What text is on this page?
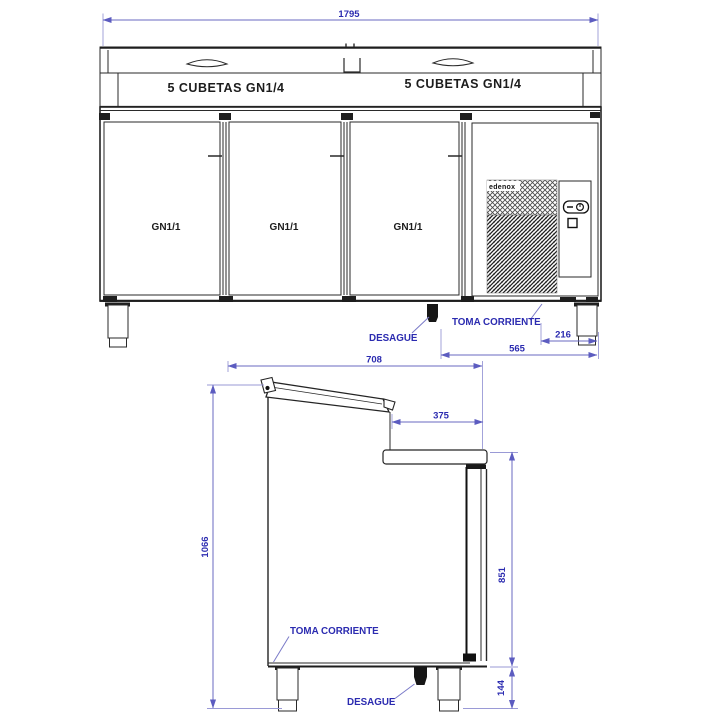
1795
5 CUBETAS GN1/4	5 CUBETAS GN1/4
GN1/1	GN1/1	GN1/1
edenox
216
565
DESAGUE
TOMA CORRIENTE
708
1066
375
851
144
TOMA CORRIENTE
DESAGUE
